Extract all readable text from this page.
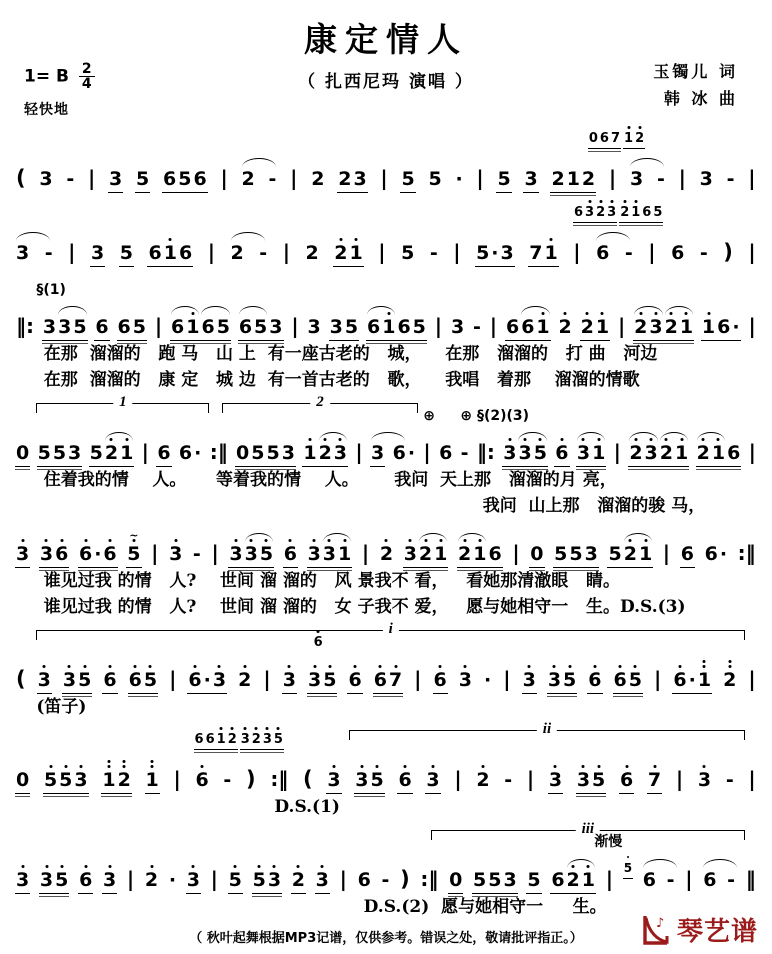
康定情人
（ 扎西尼玛 演唱 ）
1= B $\frac{2}{4}$
轻快地
玉镯儿 词
韩 冰 曲
0 6 7 1 2
( 3 - | 3 5 6 5 6 | 2 - | 2 2 3 | 5 5 · | 5 3 2 1 2 | 3 - | 3 - |
6 3 2 3 2 1 6 5
3 - | 3 5 6 1 6 | 2 - | 2 2 1 | 5 - | 5 · 3 7 1 | 6 - | 6 - ) |
§(1)
‖: 3 3 5 6 6 5 | 6 1 6 5 6 5 3 | 3 3 5 6 1 6 5 | 3 - | 6 6 1 2 2 1 | 2 3 2 1 1 6 · |
在那  溜溜的   跑 马   山 上  有一座古老的   城，    在那   溜溜的   打 曲   河边
在那  溜溜的   康 定   城 边  有一首古老的   歌，    我唱   着那    溜溜的情歌
1	2
⊕ ⊕ §(2)(3)
0 5 5 3 5 2 1 | 6 6 · :‖ 0 5 5 3 1 2 3 | 3 6 · | 6 - ‖: 3 3 5 6 3 1 | 2 3 2 1 2 1 6 |
住着我的情    人。     等着我的情    人。      我问  天上那   溜溜的月 亮，
我问  山上那   溜溜的骏 马，
3 3 6 6 · 6 5
~
| 3 - | 3 3 5 6 3 3 1 | 2 3 2 1 2 1 6 | 0 5 5 3 5 2 1 | 6 6 · :‖
谁见过我 的情   人?    世间 溜 溜的   风 景我不 看，   看她那清澈眼   睛。
谁见过我 的情   人?    世间 溜 溜的   女 子我不 爱，   愿与她相守一   生。D.S.(3)
i
6
( 3 3 5 6 6 5 | 6 · 3 2 | 3 3 5 6 6 7 | 6 3 · | 3 3 5 6 6 5 | 6 · 1 2 |
(笛子)
6 6 1 2 3 2 3 5
ii
0 5 5 3 1 2 1 | 6 - ) :‖ ( 3 3 5 6 3 | 2 - | 3 3 5 6 7 | 3 - |
D.S.(1)
iii
渐慢
3 3 5 6 3 | 2 · 3 | 5 5 3 2 3 | 6 - ) :‖ 0 5 5 3 5 6 2 1 | 5
6 - | 6 - ‖
D.S.(2)  愿与她相守一     生。
（ 秋叶起舞根据MP3记谱，仅供参考。错误之处，敬请批评指正。）
♪ 琴艺谱
